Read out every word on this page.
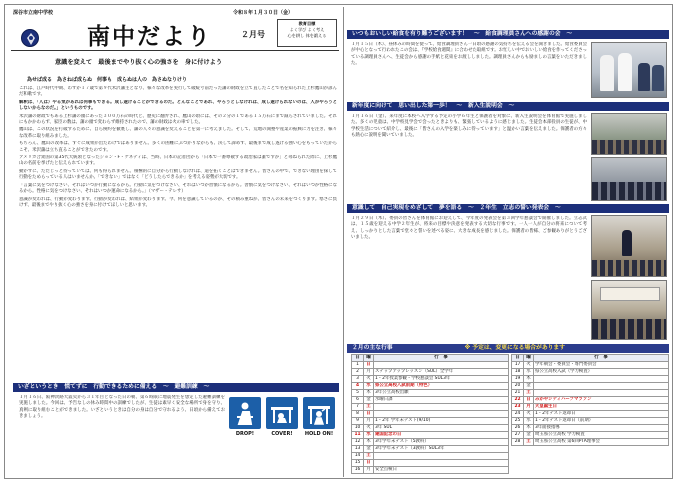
深谷市立南中学校	令和８年１月３０日（金）
南中だより	２月号
教育目標
よく学び よく考え
心を耕し 体を鍛える
意識を変えて　最後までやり抜く心の強さを　身に付けよう
為せば成る　為さねば成らぬ　何事も　成らぬは人の　為さぬなりけり

これは、江戸時代中期、わずか１７歳で第９代米沢藩主となり、様々な改革を実行して破綻寸前だった藩の財政を立て直したことで名を知られた上杉鷹山が詠んだ和歌です。

解釈は、「人は）やる気があれば何事もできる。成し遂げることができるのだ。どんなことであれ、やろうとしなければ、成し遂げられないのは、人がやろうとしないからなのだ。」というものです。

米沢藩の財政でもある上杉藩の頭にあった３００万石の時代と、歴史に翻弄され、鷹山の頃には、その２分の１である１５万石にまで減らされていました。それにもかかわらず、家臣の数は、藩の頭で変わらず維持されたので、藩の財政は火の車でした。

鷹山は、この状況を打破するために、自ら倹約を徹底し、藩の人々の意識を変えることを第一に考えました。そして、荒地の開墾や産業の振興に力を注ぎ、様々な改革に取り組みました。

もちろん、鷹山の改革は、すぐに成果が出たわけではありません。多くの困難にぶつかりながらも、決して諦めず、最後まで成し遂げる強い心をもっていたからこそ、米沢藩は立ち直ることができたのです。

アメリカ合衆国の第35代大統領となったジョン・F・ケネディは、当時、日本の記者団から「日本で一番尊敬する政治家は誰ですか」と尋ねられた際に、上杉鷹山の名前を挙げたと伝えられています。

動かずに、ただじっと待っていては、何も得られません。積極的に自分から行動しなければ、道を拓くことはできません。皆さんの中で、できない理由を探して行動をためらっている人はいませんか。「できない」ではなく「どうしたらできるか」を考える姿勢が大切です。

「言葉に気をつけなさい、それはいつか行動になるから。行動に気をつけなさい、それはいつか習慣になるから。習慣に気をつけなさい、それはいつか性格になるから。性格に気をつけなさい、それはいつか運命になるから。」（マザー・テレサ）

意識が変われば、行動が変わります。行動が変われば、結果が変わります。今、何を意識しているのか、その積み重ねが、皆さんの未来をつくります。寒さに負けず、最後までやり抜く心の強さを身に付けてほしいと思います。

いざというとき　慌てずに　行動できるために備える　～　避難訓練　～
１月１６日、阪神淡路大震災から３１年目となった日の朝、第６時限に地震発生を想定した避難訓練を実施しました。今回は、予告なしの休み時間中の訓練でしたが、生徒は素早く安全な場所で身を守り、真剣に取り組むことができました。いざというときは自分の身は自分で守れるよう、日頃から備えておきましょう。
DROP!	COVER!	HOLD ON!
いつもおいしい給食を有り難うございます！　～　給食調理員さんへの感謝の会　～
１月１５日（木）、昼休みの時間を使って、給食調理員さん一日頃の感謝の気持ちを伝える会を開きました。給食委員会が中心となって行われたこの会は、『学校給食週間』に合わせた取組です。お忙しい中でおいしい給食を作ってくださっている調理員さんへ、生徒会から感謝の手紙と花束をお渡ししました。調理員さんからも励ましの言葉をいただきました。
新年度に向けて　思い出した第一歩！　～　新入生説明会　～
１月１６日（金）、来年度に本校へ入学する予定の小学６年生と保護者を対象に、新入生説明会を体育館で実施しました。多くの児童は、中学校見学会で会ったときよりも、緊張しているように感じました。生徒会本部役員の生徒が、中学校生活について紹介し、最後に「皆さんの入学を楽しみに待っています」と温かい言葉を伝えました。保護者の方々も熱心に説明を聞いていました。
意識して　自己実現をめざして　夢を語る　～　２年生　立志の誓い発表会　～
１月２９日（木）、委員の皆さんを体育館にお迎えして、今年度の発表会を第３回学年懇談会で開催しました。立志式は、１５歳を迎える中学２年生が、将来の目標や決意を発表する大切な行事です。一人一人が自分の将来について考え、しっかりとした言葉で堂々と誓いを述べる姿に、大きな成長を感じました。保護者の皆様、ご参観ありがとうございました。
２月の主な行事	※ 予定は、変更になる場合があります
日	曜	行　事
1	日	
2	月	ステップアップレッスン（SUL）全学年
3	火	1・2年授業参観・学校懇談会 SUL3年
4	水	県公立高校入試前期（特色）
5	木	3年公立高校出願
6	金	水曜日課
7	土	
8	日	
9	月	1・2年 学年末テスト(9/10)
10	火	3年 SUL
11	水	建国記念の日
12	木	3年学年末テスト（5教科）
13	金	3年学年末テスト（3教科）SUL3年
14	土	
15	日	
16	月	安全点検日
日	曜	行　事
17	火	学年朝会・委員会・専門委員会
18	水	県公立高校入試（学力検査）
19	木	
20	金	
21	土	
22	日	みかやシティハーフマラソン
23	月	天皇誕生日
24	火	1・2年テスト返却日
25	水	1・2年テスト返却日（前期）
26	木	3年面接指導
27	金	埼玉県公立高校 学力検査
28	土	埼玉県公立高校 第6回PTA理事会
